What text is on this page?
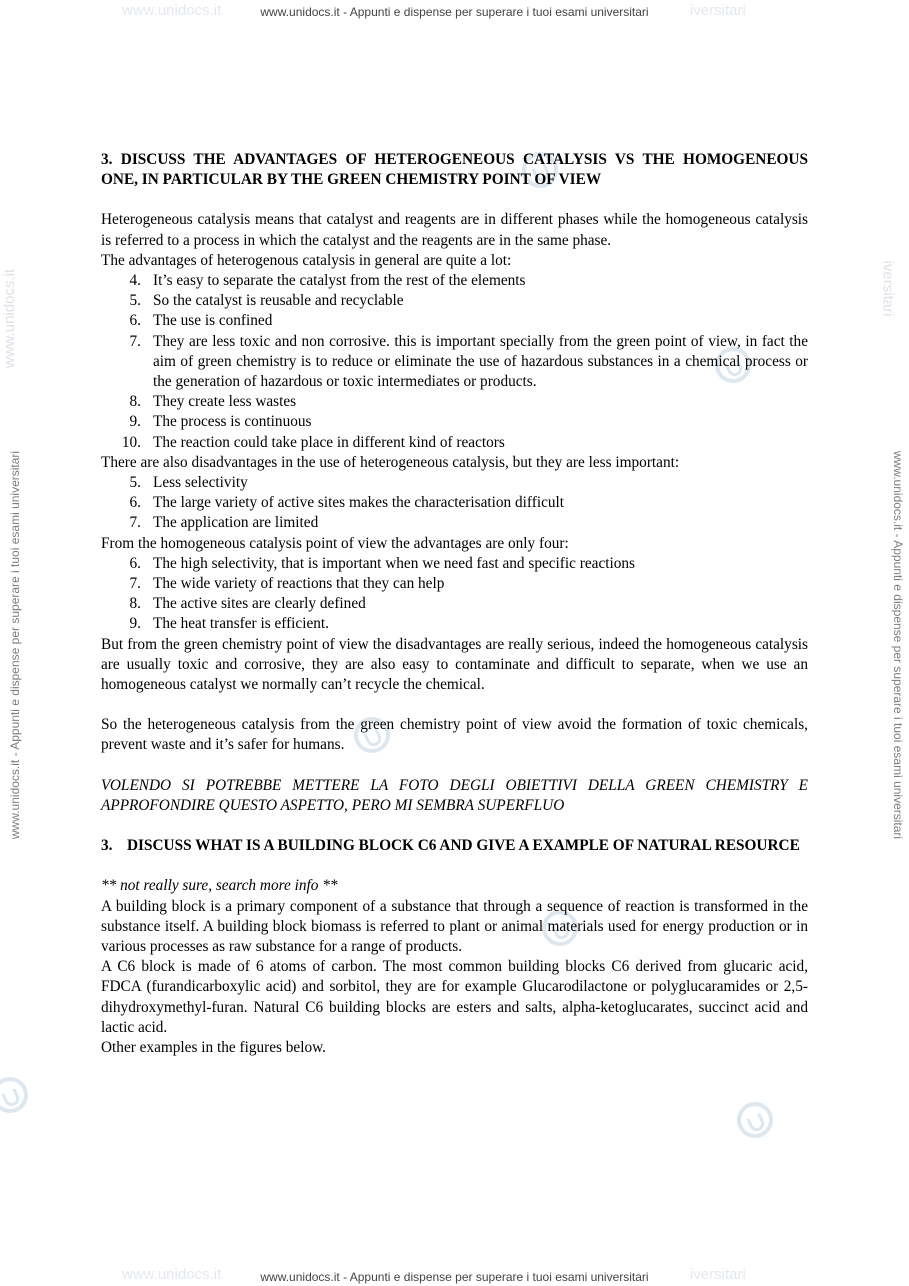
www.unidocs.it	iversitari
www.unidocs.it	iversitari
www.unidocs.it - Appunti e dispense per superare i tuoi esami universitari
www.unidocs.it - Appunti e dispense per superare i tuoi esami universitari
www.unidocs.it - Appunti e dispense per superare i tuoi esami universitari	www.unidocs.it - Appunti e dispense per superare i tuoi esami universitari
www.unidocs.it	iversitari

3. DISCUSS THE ADVANTAGES OF HETEROGENEOUS CATALYSIS VS THE HOMOGENEOUS ONE, IN PARTICULAR BY THE GREEN CHEMISTRY POINT OF VIEW

Heterogeneous catalysis means that catalyst and reagents are in different phases while the homogeneous catalysis is referred to a process in which the catalyst and the reagents are in the same phase.

The advantages of heterogenous catalysis in general are quite a lot:

4. It’s easy to separate the catalyst from the rest of the elements
5. So the catalyst is reusable and recyclable
6. The use is confined
7. They are less toxic and non corrosive. this is important specially from the green point of view, in fact the aim of green chemistry is to reduce or eliminate the use of hazardous substances in a chemical process or the generation of hazardous or toxic intermediates or products.
8. They create less wastes
9. The process is continuous
10. The reaction could take place in different kind of reactors

There are also disadvantages in the use of heterogeneous catalysis, but they are less important:

5. Less selectivity
6. The large variety of active sites makes the characterisation difficult
7. The application are limited

From the homogeneous catalysis point of view the advantages are only four:

6. The high selectivity, that is important when we need fast and specific reactions
7. The wide variety of reactions that they can help
8. The active sites are clearly defined
9. The heat transfer is efficient.

But from the green chemistry point of view the disadvantages are really serious, indeed the homogeneous catalysis are usually toxic and corrosive, they are also easy to contaminate and difficult to separate, when we use an homogeneous catalyst we normally can’t recycle the chemical.

So the heterogeneous catalysis from the green chemistry point of view avoid the formation of toxic chemicals, prevent waste and it’s safer for humans.

VOLENDO SI POTREBBE METTERE LA FOTO DEGLI OBIETTIVI DELLA GREEN CHEMISTRY E APPROFONDIRE QUESTO ASPETTO, PERO MI SEMBRA SUPERFLUO

3. DISCUSS WHAT IS A BUILDING BLOCK C6 AND GIVE A EXAMPLE OF NATURAL RESOURCE

** not really sure, search more info **

A building block is a primary component of a substance that through a sequence of reaction is transformed in the substance itself. A building block biomass is referred to plant or animal materials used for energy production or in various processes as raw substance for a range of products.

A C6 block is made of 6 atoms of carbon. The most common building blocks C6 derived from glucaric acid, FDCA (furandicarboxylic acid) and sorbitol, they are for example Glucarodilactone or polyglucaramides or 2,5-dihydroxymethyl-furan. Natural C6 building blocks are esters and salts, alpha-ketoglucarates, succinct acid and lactic acid.

Other examples in the figures below.
